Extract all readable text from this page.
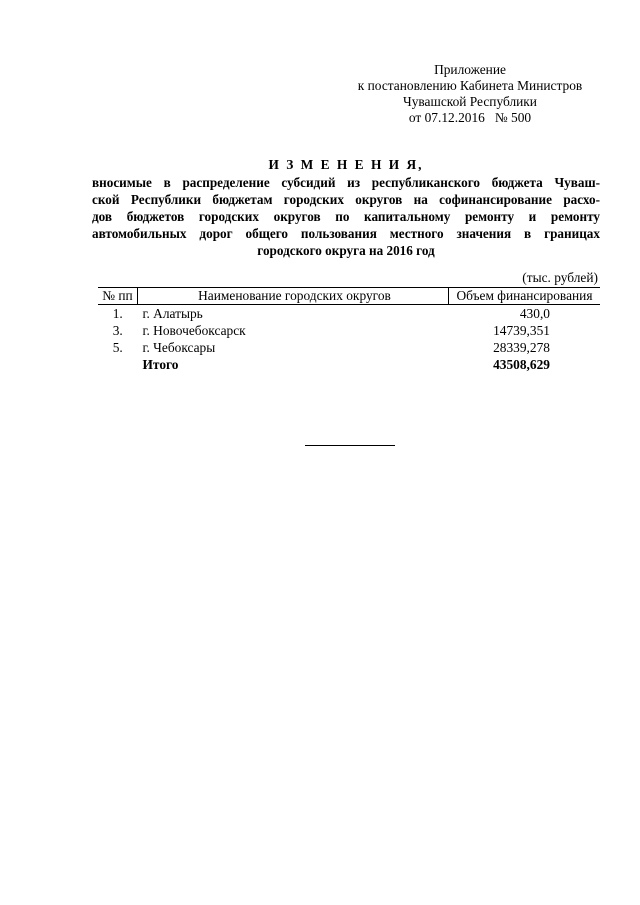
Приложение
к постановлению Кабинета Министров
Чувашской Республики
от 07.12.2016   № 500
И З М Е Н Е Н И Я,
вносимые в распределение субсидий из республиканского бюджета Чуваш-
ской Республики бюджетам городских округов на софинансирование расхо-
дов бюджетов городских округов по капитальному ремонту и ремонту
автомобильных дорог общего пользования местного значения в границах
городского округа на 2016 год
(тыс. рублей)
№ пп	Наименование городских округов	Объем финансирования
1.	г. Алатырь	430,0
3.	г. Новочебоксарск	14739,351
5.	г. Чебоксары	28339,278
	Итого	43508,629
